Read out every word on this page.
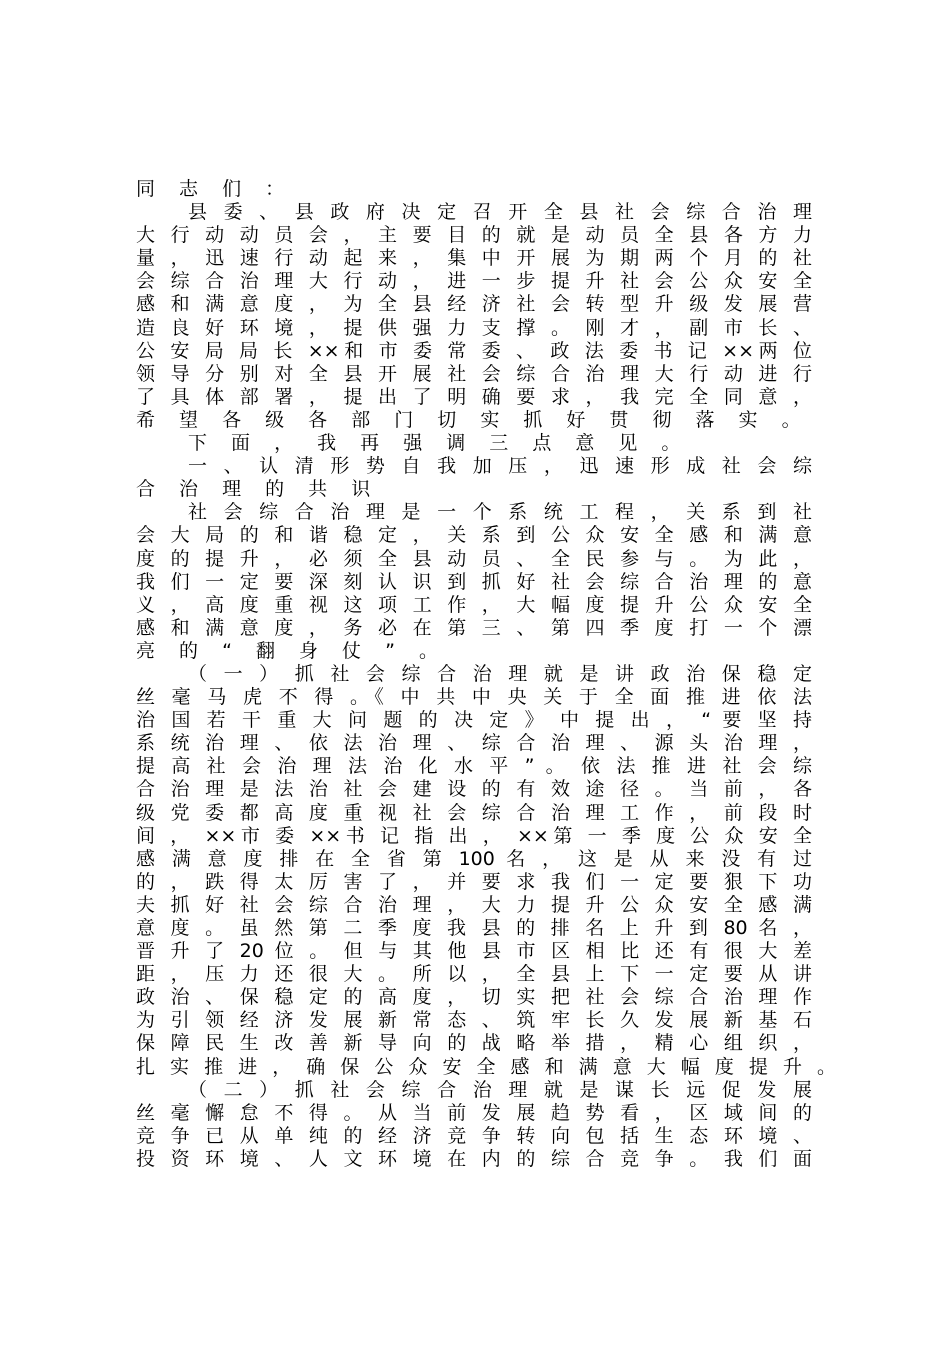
同 志 们 ：
县 委 、 县 政 府 决 定 召 开 全 县 社 会 综 合 治 理
大 行 动 动 员 会 ， 主 要 目 的 就 是 动 员 全 县 各 方 力
量 ， 迅 速 行 动 起 来 ， 集 中 开 展 为 期 两 个 月 的 社
会 综 合 治 理 大 行 动 ， 进 一 步 提 升 社 会 公 众 安 全
感 和 满 意 度 ， 为 全 县 经 济 社 会 转 型 升 级 发 展 营
造 良 好 环 境 ， 提 供 强 力 支 撑 。 刚 才 ， 副 市 长 、
公 安 局 局 长 ××和 市 委 常 委 、 政 法 委 书 记 ××两 位
领 导 分 别 对 全 县 开 展 社 会 综 合 治 理 大 行 动 进 行
了 具 体 部 署 ， 提 出 了 明 确 要 求 ， 我 完 全 同 意 ，
希 望 各 级 各 部 门 切 实 抓 好 贯 彻 落 实 。
下 面 ， 我 再 强 调 三 点 意 见 。
一 、 认 清 形 势 自 我 加 压 ， 迅 速 形 成 社 会 综
合 治 理 的 共 识
社 会 综 合 治 理 是 一 个 系 统 工 程 ， 关 系 到 社
会 大 局 的 和 谐 稳 定 ， 关 系 到 公 众 安 全 感 和 满 意
度 的 提 升 ， 必 须 全 县 动 员 、 全 民 参 与 。 为 此 ，
我 们 一 定 要 深 刻 认 识 到 抓 好 社 会 综 合 治 理 的 意
义 ， 高 度 重 视 这 项 工 作 ， 大 幅 度 提 升 公 众 安 全
感 和 满 意 度 ， 务 必 在 第 三 、 第 四 季 度 打 一 个 漂
亮 的 “ 翻 身 仗 ” 。
（ 一 ） 抓 社 会 综 合 治 理 就 是 讲 政 治 保 稳 定
丝 毫 马 虎 不 得 。《 中 共 中 央 关 于 全 面 推 进 依 法
治 国 若 干 重 大 问 题 的 决 定 》 中 提 出 ， “ 要 坚 持
系 统 治 理 、 依 法 治 理 、 综 合 治 理 、 源 头 治 理 ，
提 高 社 会 治 理 法 治 化 水 平 ” 。 依 法 推 进 社 会 综
合 治 理 是 法 治 社 会 建 设 的 有 效 途 径 。 当 前 ， 各
级 党 委 都 高 度 重 视 社 会 综 合 治 理 工 作 ， 前 段 时
间 ， ××市 委 ××书 记 指 出 ， ××第 一 季 度 公 众 安 全
感 满 意 度 排 在 全 省 第 100 名 ， 这 是 从 来 没 有 过
的 ， 跌 得 太 厉 害 了 ， 并 要 求 我 们 一 定 要 狠 下 功
夫 抓 好 社 会 综 合 治 理 ， 大 力 提 升 公 众 安 全 感 满
意 度 。 虽 然 第 二 季 度 我 县 的 排 名 上 升 到 80 名 ，
晋 升 了 20 位 。 但 与 其 他 县 市 区 相 比 还 有 很 大 差
距 ， 压 力 还 很 大 。 所 以 ， 全 县 上 下 一 定 要 从 讲
政 治 、 保 稳 定 的 高 度 ， 切 实 把 社 会 综 合 治 理 作
为 引 领 经 济 发 展 新 常 态 、 筑 牢 长 久 发 展 新 基 石
保 障 民 生 改 善 新 导 向 的 战 略 举 措 ， 精 心 组 织 ，
扎 实 推 进 ， 确 保 公 众 安 全 感 和 满 意 大 幅 度 提 升 。
（ 二 ） 抓 社 会 综 合 治 理 就 是 谋 长 远 促 发 展
丝 毫 懈 怠 不 得 。 从 当 前 发 展 趋 势 看 ， 区 域 间 的
竞 争 已 从 单 纯 的 经 济 竞 争 转 向 包 括 生 态 环 境 、
投 资 环 境 、 人 文 环 境 在 内 的 综 合 竞 争 。 我 们 面
